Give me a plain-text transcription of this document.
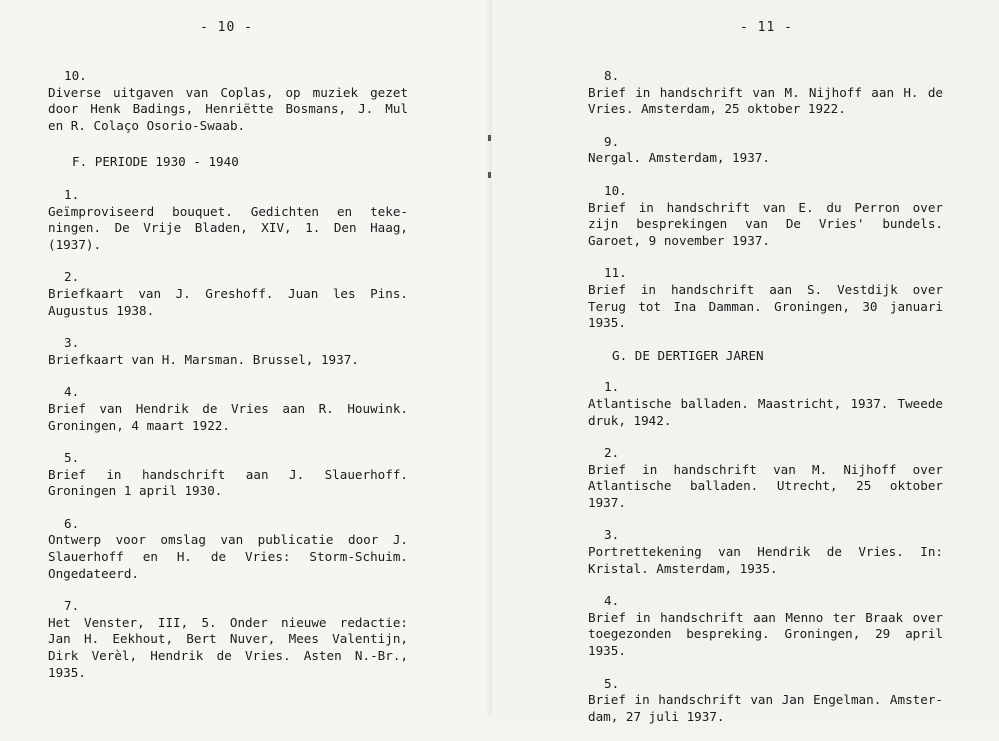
- 10 -
10.
Diverse uitgaven van Coplas, op muziek gezet
door Henk Badings, Henriëtte Bosmans, J. Mul
en R. Colaço Osorio-Swaab.
F. PERIODE 1930 - 1940
1.
Geïmproviseerd bouquet. Gedichten en teke-
ningen. De Vrije Bladen, XIV, 1. Den Haag,
(1937).
2.
Briefkaart van J. Greshoff. Juan les Pins.
Augustus 1938.
3.
Briefkaart van H. Marsman. Brussel, 1937.
4.
Brief van Hendrik de Vries aan R. Houwink.
Groningen, 4 maart 1922.
5.
Brief in handschrift aan J. Slauerhoff.
Groningen 1 april 1930.
6.
Ontwerp voor omslag van publicatie door J.
Slauerhoff en H. de Vries: Storm-Schuim.
Ongedateerd.
7.
Het Venster, III, 5. Onder nieuwe redactie:
Jan H. Eekhout, Bert Nuver, Mees Valentijn,
Dirk Verèl, Hendrik de Vries. Asten N.-Br.,
1935.
- 11 -
8.
Brief in handschrift van M. Nijhoff aan H. de
Vries. Amsterdam, 25 oktober 1922.
9.
Nergal. Amsterdam, 1937.
10.
Brief in handschrift van E. du Perron over
zijn besprekingen van De Vries' bundels.
Garoet, 9 november 1937.
11.
Brief in handschrift aan S. Vestdijk over
Terug tot Ina Damman. Groningen, 30 januari
1935.
G. DE DERTIGER JAREN
1.
Atlantische balladen. Maastricht, 1937. Tweede
druk, 1942.
2.
Brief in handschrift van M. Nijhoff over
Atlantische balladen. Utrecht, 25 oktober
1937.
3.
Portrettekening van Hendrik de Vries. In:
Kristal. Amsterdam, 1935.
4.
Brief in handschrift aan Menno ter Braak over
toegezonden bespreking. Groningen, 29 april
1935.
5.
Brief in handschrift van Jan Engelman. Amster-
dam, 27 juli 1937.
